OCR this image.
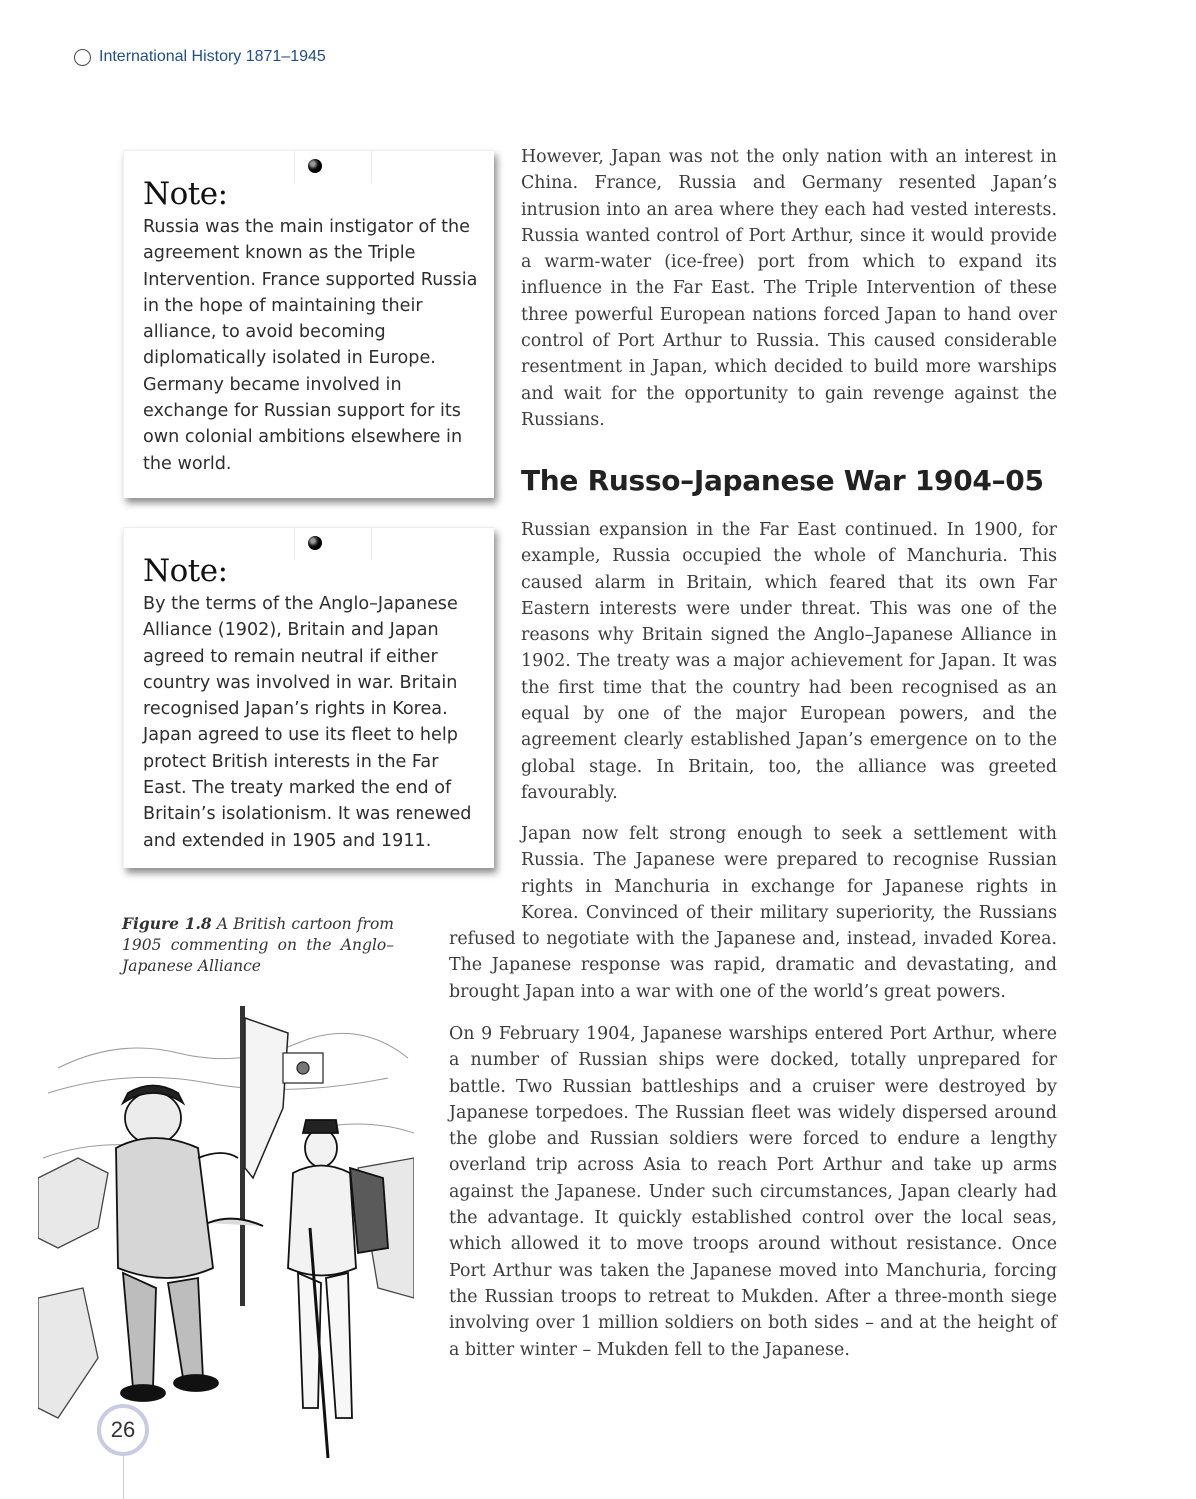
International History 1871–1945
Note:

Russia was the main instigator of the agreement known as the Triple Intervention. France supported Russia in the hope of maintaining their alliance, to avoid becoming diplomatically isolated in Europe. Germany became involved in exchange for Russian support for its own colonial ambitions elsewhere in the world.

Note:

By the terms of the Anglo–Japanese Alliance (1902), Britain and Japan agreed to remain neutral if either country was involved in war. Britain recognised Japan’s rights in Korea. Japan agreed to use its fleet to help protect British interests in the Far East. The treaty marked the end of Britain’s isolationism. It was renewed and extended in 1905 and 1911.

However, Japan was not the only nation with an interest in China. France, Russia and Germany resented Japan’s intrusion into an area where they each had vested interests. Russia wanted control of Port Arthur, since it would provide a warm-water (ice-free) port from which to expand its influence in the Far East. The Triple Intervention of these three powerful European nations forced Japan to hand over control of Port Arthur to Russia. This caused considerable resentment in Japan, which decided to build more warships and wait for the opportunity to gain revenge against the Russians.

The Russo–Japanese War 1904–05

Russian expansion in the Far East continued. In 1900, for example, Russia occupied the whole of Manchuria. This caused alarm in Britain, which feared that its own Far Eastern interests were under threat. This was one of the reasons why Britain signed the Anglo–Japanese Alliance in 1902. The treaty was a major achievement for Japan. It was the first time that the country had been recognised as an equal by one of the major European powers, and the agreement clearly established Japan’s emergence on to the global stage. In Britain, too, the alliance was greeted favourably.

Japan now felt strong enough to seek a settlement with Russia. The Japanese were prepared to recognise Russian rights in Manchuria in exchange for Japanese rights in Korea. Convinced of their military superiority, the Russians refused to negotiate with the Japanese and, instead, invaded Korea. The Japanese response was rapid, dramatic and devastating, and brought Japan into a war with one of the world’s great powers.

On 9 February 1904, Japanese warships entered Port Arthur, where a number of Russian ships were docked, totally unprepared for battle. Two Russian battleships and a cruiser were destroyed by Japanese torpedoes. The Russian fleet was widely dispersed around the globe and Russian soldiers were forced to endure a lengthy overland trip across Asia to reach Port Arthur and take up arms against the Japanese. Under such circumstances, Japan clearly had the advantage. It quickly established control over the local seas, which allowed it to move troops around without resistance. Once Port Arthur was taken the Japanese moved into Manchuria, forcing the Russian troops to retreat to Mukden. After a three-month siege involving over 1 million soldiers on both sides – and at the height of a bitter winter – Mukden fell to the Japanese.

Figure 1.8 A British cartoon from 1905 commenting on the Anglo–Japanese Alliance

26
